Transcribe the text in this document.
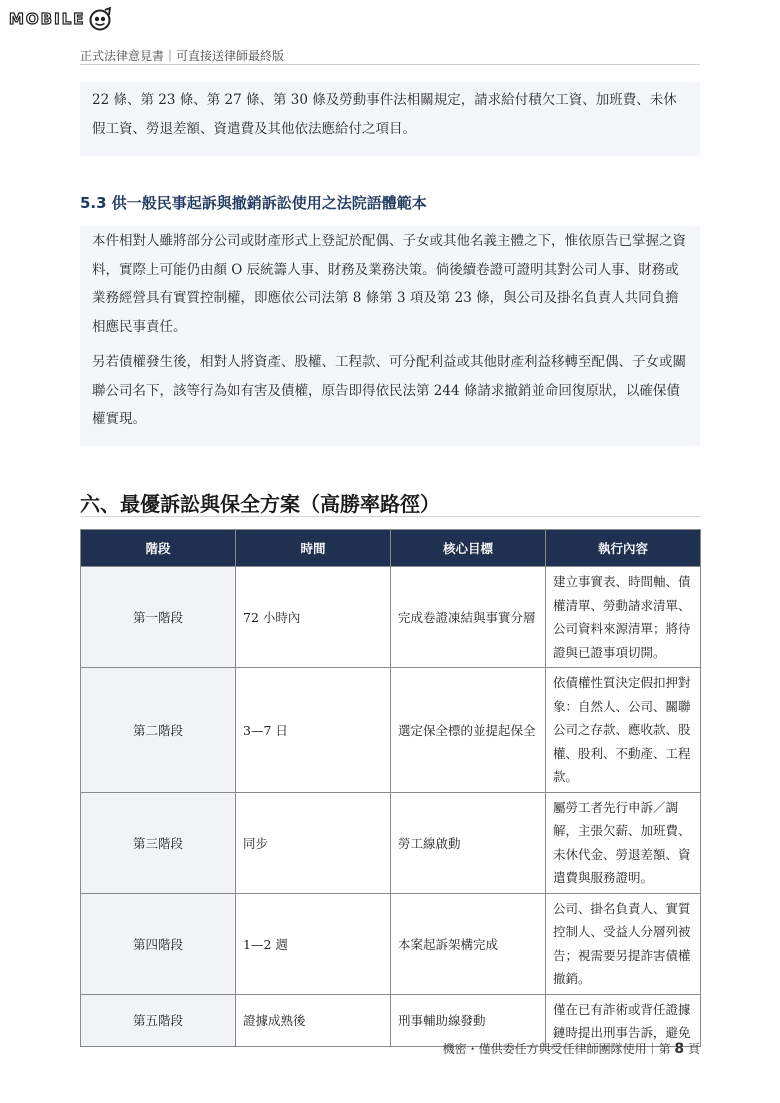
MOBILE
正式法律意見書｜可直接送律師最終版

22 條、第 23 條、第 27 條、第 30 條及勞動事件法相關規定，請求給付積欠工資、加班費、未休假工資、勞退差額、資遣費及其他依法應給付之項目。

5.3 供一般民事起訴與撤銷訴訟使用之法院語體範本

本件相對人雖將部分公司或財產形式上登記於配偶、子女或其他名義主體之下，惟依原告已掌握之資料，實際上可能仍由顏 O 辰統籌人事、財務及業務決策。倘後續卷證可證明其對公司人事、財務或業務經營具有實質控制權，即應依公司法第 8 條第 3 項及第 23 條，與公司及掛名負責人共同負擔相應民事責任。

另若債權發生後，相對人將資產、股權、工程款、可分配利益或其他財產利益移轉至配偶、子女或關聯公司名下，該等行為如有害及債權，原告即得依民法第 244 條請求撤銷並命回復原狀，以確保債權實現。

六、最優訴訟與保全方案（高勝率路徑）
階段	時間	核心目標	執行內容
第一階段	72 小時內	完成卷證凍結與事實分層	建立事實表、時間軸、債權清單、勞動請求清單、公司資料來源清單；將待證與已證事項切開。
第二階段	3—7 日	選定保全標的並提起保全	依債權性質決定假扣押對象：自然人、公司、關聯公司之存款、應收款、股權、股利、不動產、工程款。
第三階段	同步	勞工線啟動	屬勞工者先行申訴／調解，主張欠薪、加班費、未休代金、勞退差額、資遣費與服務證明。
第四階段	1—2 週	本案起訴架構完成	公司、掛名負責人、實質控制人、受益人分層列被告；視需要另提詐害債權撤銷。
第五階段	證據成熟後	刑事輔助線發動	僅在已有詐術或背任證據鏈時提出刑事告訴，避免
機密・僅供委任方與受任律師團隊使用｜第 8 頁
